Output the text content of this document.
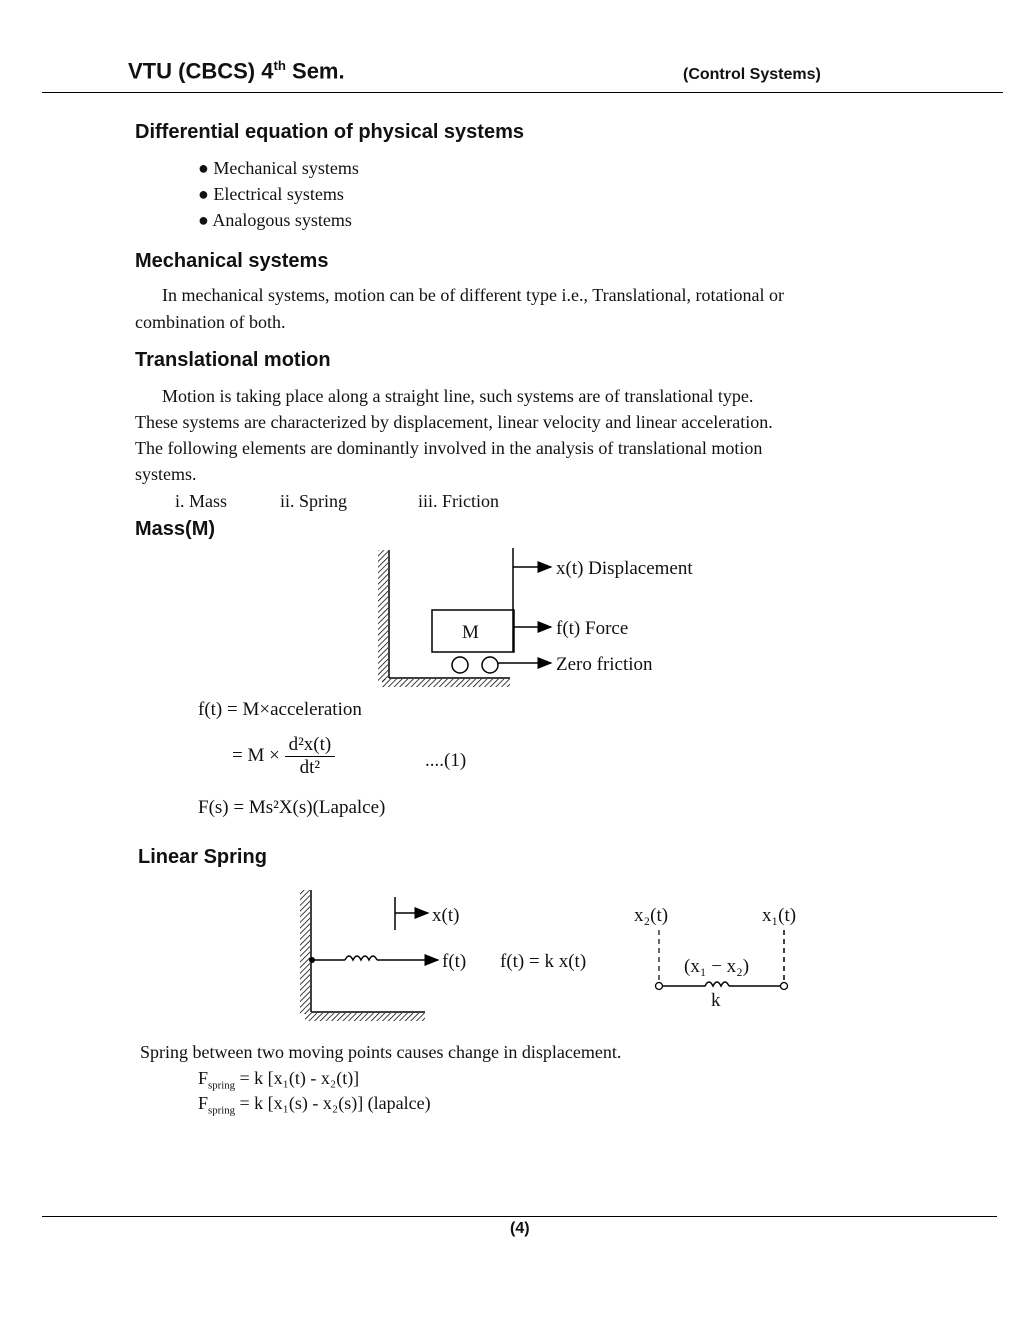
VTU (CBCS) 4th Sem.	(Control Systems)
Differential equation of physical systems
● Mechanical systems
● Electrical systems
● Analogous systems
Mechanical systems
In mechanical systems, motion can be of different type i.e., Translational, rotational or
combination of both.
Translational motion
Motion is taking place along a straight line, such systems are of translational type.
These systems are characterized by displacement, linear velocity and linear acceleration.
The following elements are dominantly involved in the analysis of translational motion
systems.
i. Mass	ii. Spring	iii. Friction
Mass(M)
M
x(t) Displacement
f(t) Force
Zero friction
x(t)
f(t) f(t) = k x(t)
x₂(t)	x₁(t)
(x₁ − x₂)
k
f(t) = M×acceleration
= $M \times \frac{\text{d²x(t)}}{\text{dt²}}$	....(1)
F(s) = Ms²X(s)(Lapalce)
Linear Spring
Spring between two moving points causes change in displacement.
$F_{spring} = k$ [x₁(t) - x₂(t)]
$F_{spring} = k$ [x₁(s) - x₂(s)] (lapalce)
(4)
